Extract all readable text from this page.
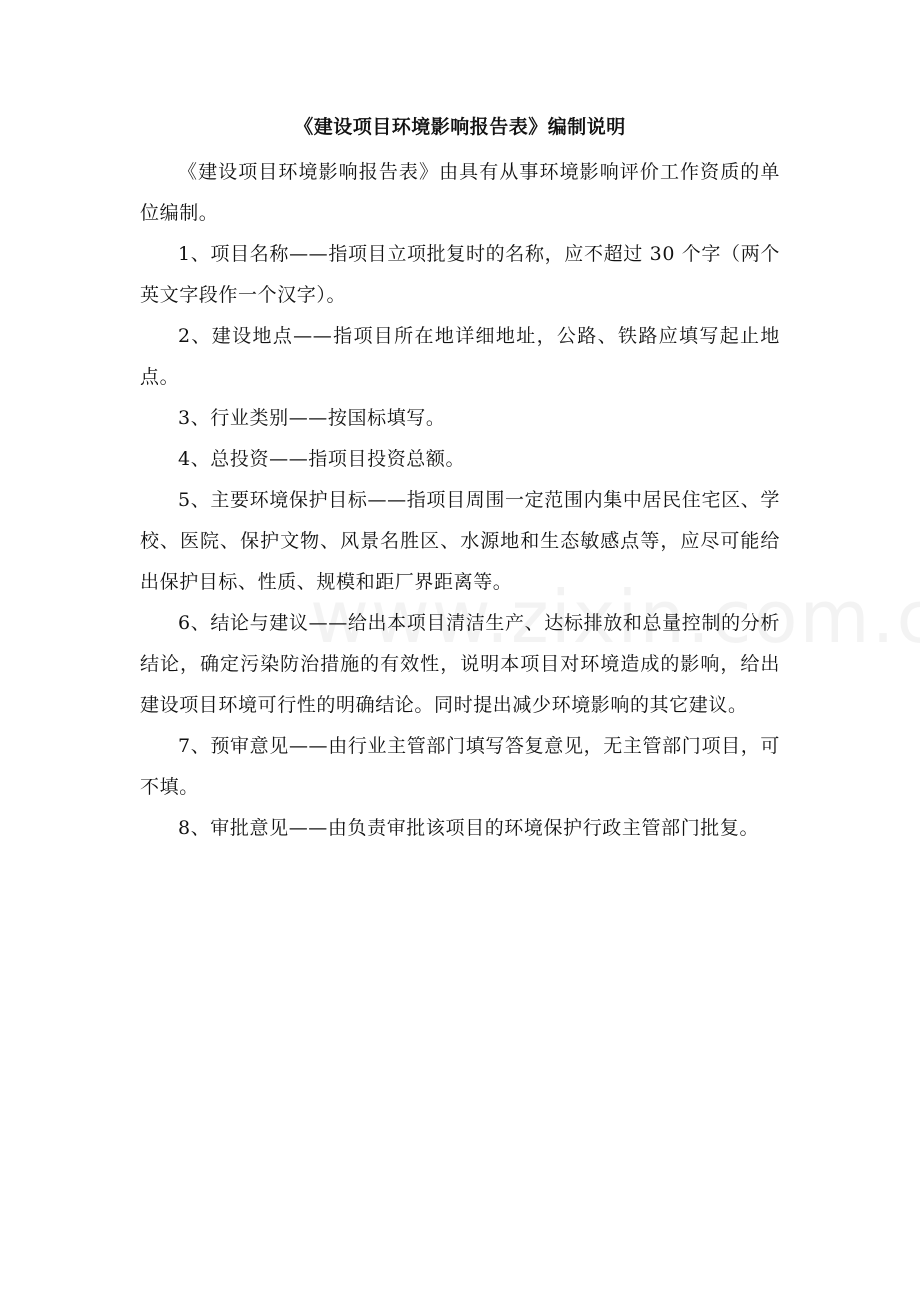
《建设项目环境影响报告表》编制说明

《建设项目环境影响报告表》由具有从事环境影响评价工作资质的单位编制。

1、项目名称——指项目立项批复时的名称，应不超过 30 个字（两个英文字段作一个汉字）。

2、建设地点——指项目所在地详细地址，公路、铁路应填写起止地点。

3、行业类别——按国标填写。

4、总投资——指项目投资总额。

5、主要环境保护目标——指项目周围一定范围内集中居民住宅区、学校、医院、保护文物、风景名胜区、水源地和生态敏感点等，应尽可能给出保护目标、性质、规模和距厂界距离等。

6、结论与建议——给出本项目清洁生产、达标排放和总量控制的分析结论，确定污染防治措施的有效性，说明本项目对环境造成的影响，给出建设项目环境可行性的明确结论。同时提出减少环境影响的其它建议。

7、预审意见——由行业主管部门填写答复意见，无主管部门项目，可不填。

8、审批意见——由负责审批该项目的环境保护行政主管部门批复。
